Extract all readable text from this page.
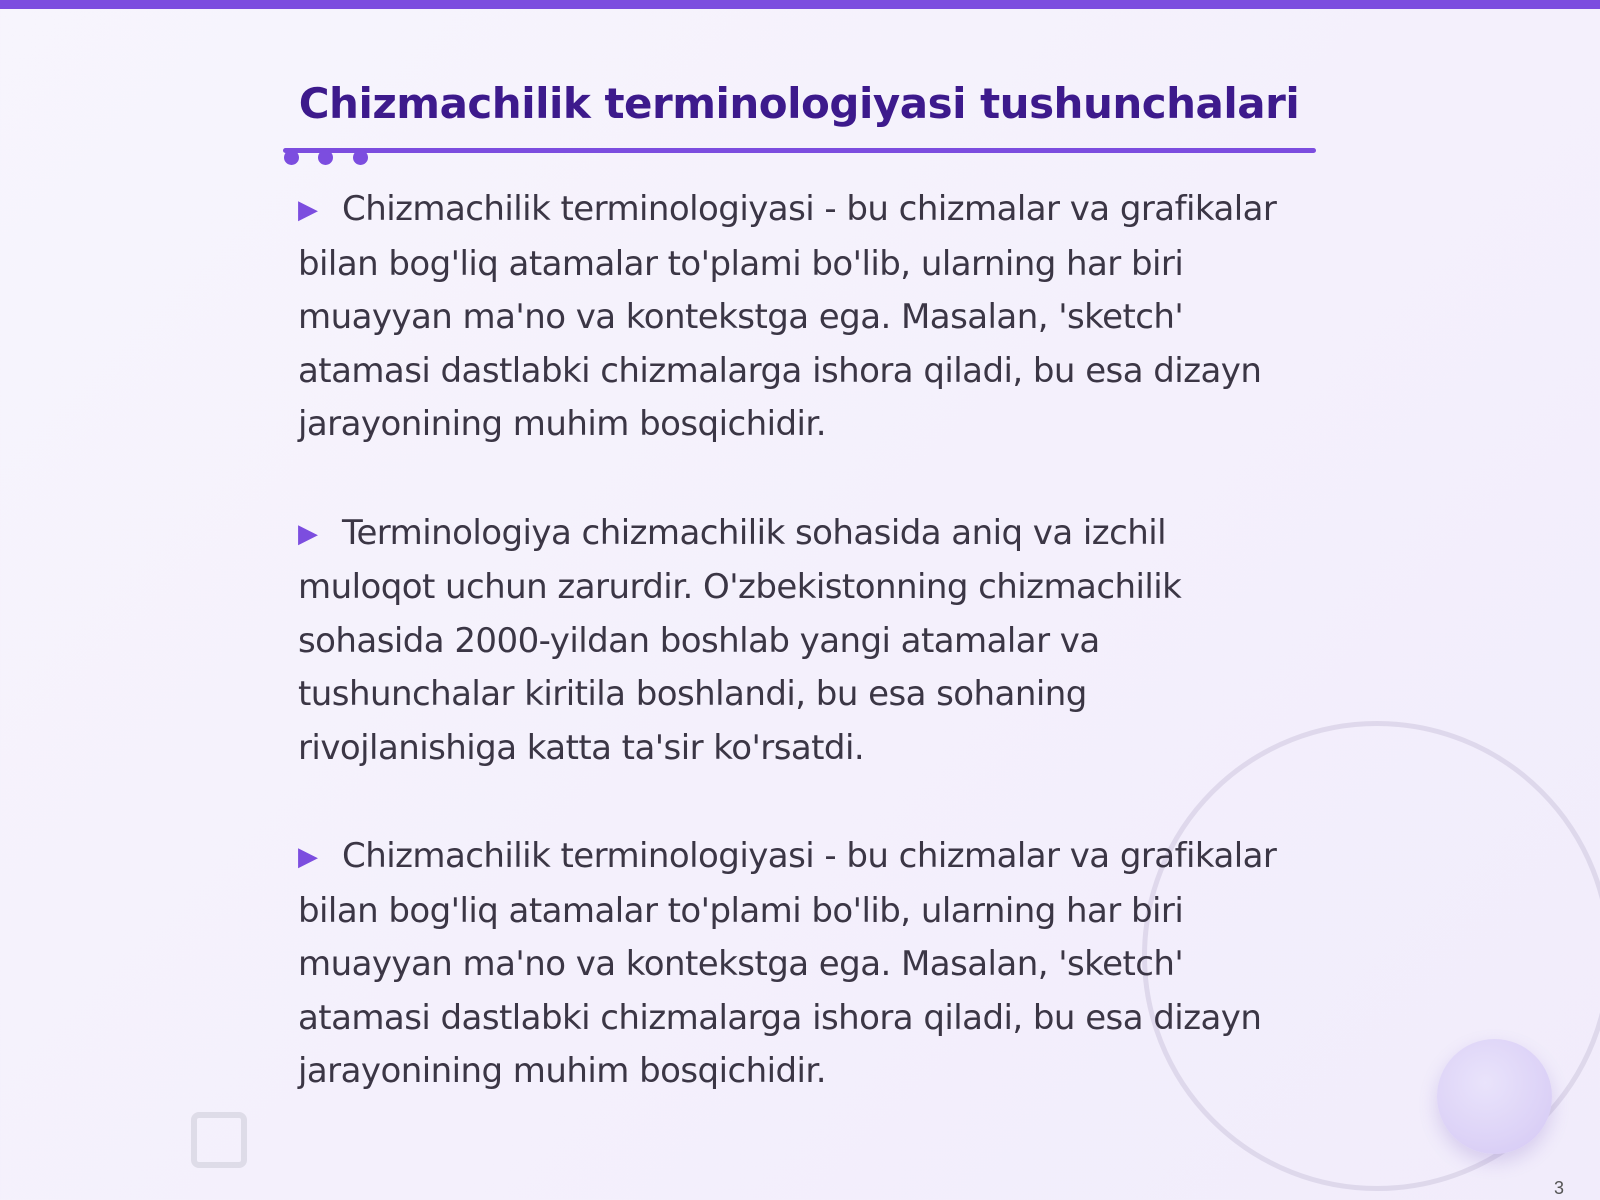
Chizmachilik terminologiyasi tushunchalari

▶ Chizmachilik terminologiyasi - bu chizmalar va grafikalar bilan bog'liq atamalar to'plami bo'lib, ularning har biri muayyan ma'no va kontekstga ega. Masalan, 'sketch' atamasi dastlabki chizmalarga ishora qiladi, bu esa dizayn jarayonining muhim bosqichidir.

▶ Terminologiya chizmachilik sohasida aniq va izchil muloqot uchun zarurdir. O'zbekistonning chizmachilik sohasida 2000-yildan boshlab yangi atamalar va tushunchalar kiritila boshlandi, bu esa sohaning rivojlanishiga katta ta'sir ko'rsatdi.

▶ Chizmachilik terminologiyasi - bu chizmalar va grafikalar bilan bog'liq atamalar to'plami bo'lib, ularning har biri muayyan ma'no va kontekstga ega. Masalan, 'sketch' atamasi dastlabki chizmalarga ishora qiladi, bu esa dizayn jarayonining muhim bosqichidir.

3
